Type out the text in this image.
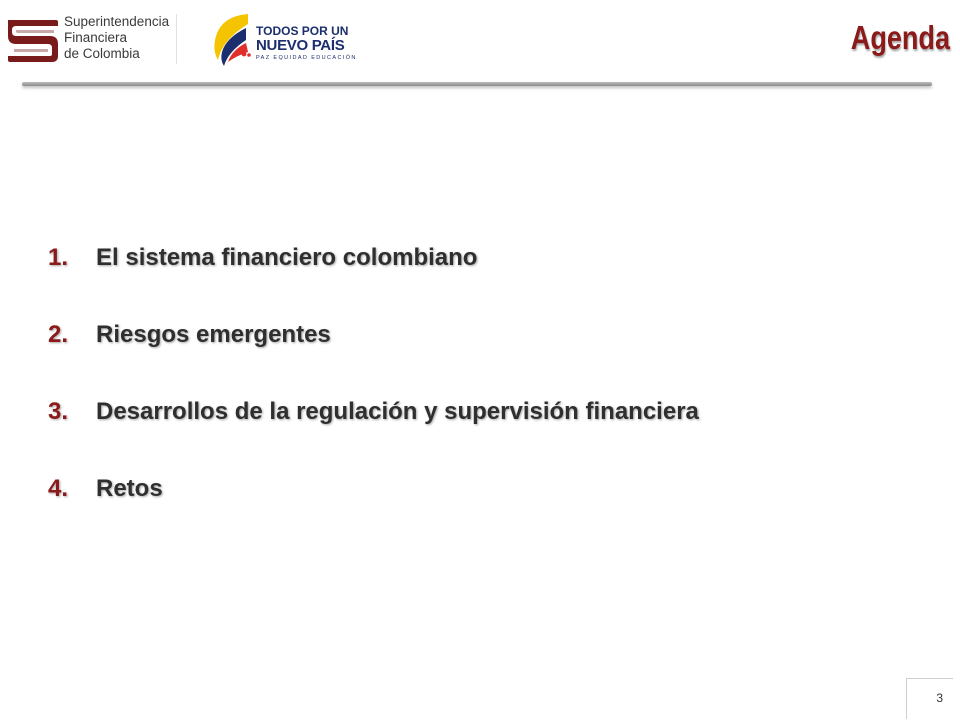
Superintendencia
Financiera
de Colombia
TODOS POR UN
NUEVO PAÍS
PAZ EQUIDAD EDUCACIÓN
Agenda
1. El sistema financiero colombiano
2. Riesgos emergentes
3. Desarrollos de la regulación y supervisión financiera
4. Retos
3
